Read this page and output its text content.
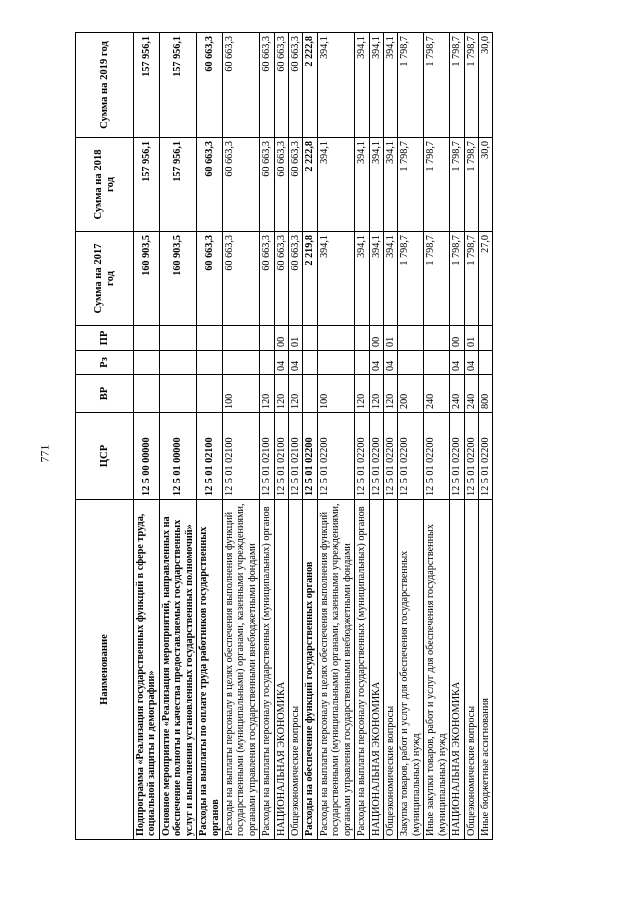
771
Наименование	ЦСР	ВР	Рз	ПР	Сумма на 2017 год	Сумма на 2018 год	Сумма на 2019 год
Подпрограмма «Реализация государственных функций в сфере труда, социальной защиты и демографии»	12 5 00 00000				160 903,5	157 956,1	157 956,1
Основное мероприятие «Реализация мероприятий, направленных на обеспечение полноты и качества предоставляемых государственных услуг и выполнения установленных государственных полномочий»	12 5 01 00000				160 903,5	157 956,1	157 956,1
Расходы на выплаты по оплате труда работников государственных органов	12 5 01 02100				60 663,3	60 663,3	60 663,3
Расходы на выплаты персоналу в целях обеспечения выполнения функций государственными (муниципальными) органами, казенными учреждениями, органами управления государственными внебюджетными фондами	12 5 01 02100	100			60 663,3	60 663,3	60 663,3
Расходы на выплаты персоналу государственных (муниципальных) органов	12 5 01 02100	120			60 663,3	60 663,3	60 663,3
НАЦИОНАЛЬНАЯ ЭКОНОМИКА	12 5 01 02100	120	04	00	60 663,3	60 663,3	60 663,3
Общеэкономические вопросы	12 5 01 02100	120	04	01	60 663,3	60 663,3	60 663,3
Расходы на обеспечение функций государственных органов	12 5 01 02200				2 219,8	2 222,8	2 222,8
Расходы на выплаты персоналу в целях обеспечения выполнения функций государственными (муниципальными) органами, казенными учреждениями, органами управления государственными внебюджетными фондами	12 5 01 02200	100			394,1	394,1	394,1
Расходы на выплаты персоналу государственных (муниципальных) органов	12 5 01 02200	120			394,1	394,1	394,1
НАЦИОНАЛЬНАЯ ЭКОНОМИКА	12 5 01 02200	120	04	00	394,1	394,1	394,1
Общеэкономические вопросы	12 5 01 02200	120	04	01	394,1	394,1	394,1
Закупка товаров, работ и услуг для обеспечения государственных (муниципальных) нужд	12 5 01 02200	200			1 798,7	1 798,7	1 798,7
Иные закупки товаров, работ и услуг для обеспечения государственных (муниципальных) нужд	12 5 01 02200	240			1 798,7	1 798,7	1 798,7
НАЦИОНАЛЬНАЯ ЭКОНОМИКА	12 5 01 02200	240	04	00	1 798,7	1 798,7	1 798,7
Общеэкономические вопросы	12 5 01 02200	240	04	01	1 798,7	1 798,7	1 798,7
Иные бюджетные ассигнования	12 5 01 02200	800			27,0	30,0	30,0
